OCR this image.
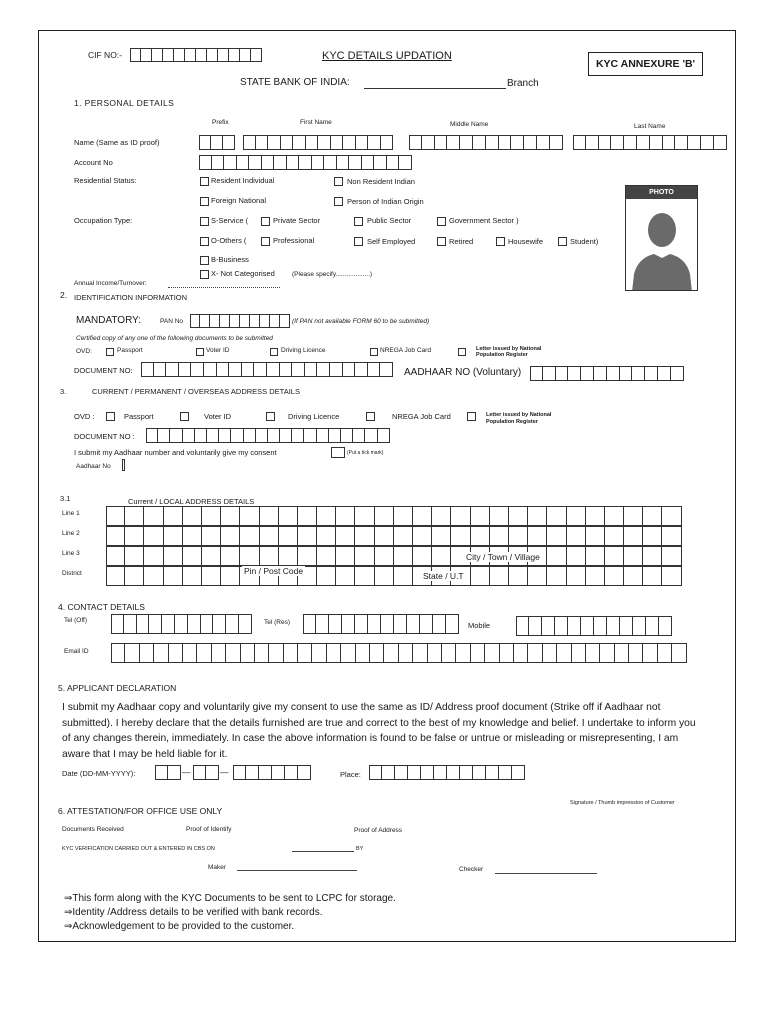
CIF NO:-	KYC DETAILS UPDATION
KYC ANNEXURE 'B'
STATE BANK OF INDIA:	Branch
1. PERSONAL DETAILS
Prefix	First Name	Middle Name	Last Name
Name (Same as ID proof)
Account No
Residential Status:	Resident Individual	Non Resident Indian
Foreign National	Person of Indian Origin
Occupation Type:	S-Service (	Private Sector	Public Sector	Government Sector )
O-Others (	Professional	Self Employed	Retired	Housewife	Student)
B-Business
X- Not Categorised	(Please specify...................)
Annual Income/Turnover:
PHOTO
2. IDENTIFICATION INFORMATION
MANDATORY:	PAN No	(If PAN not available FORM 60 to be submitted)
Certified copy of any one of the following documents to be submitted
OVD:	Passport	Voter ID	Driving Licence	NREGA Job Card	Letter issued by National
Population Register
DOCUMENT NO:	AADHAAR NO (Voluntary)
3.	CURRENT / PERMANENT / OVERSEAS ADDRESS DETAILS
OVD :	Passport	Voter ID	Driving Licence	NREGA Job Card	Letter issued by National
Population Register
DOCUMENT NO :
I submit my Aadhaar number and voluntarily give my consent	(Put a tick mark)
Aadhaar No
3.1	Current / LOCAL ADDRESS DETAILS
Line 1
Line 2
Line 3
District
City / Town / Village
Pin / Post Code	State / U.T
4. CONTACT DETAILS
Tel (Off)	Tel (Res)	Mobile
Email ID
5. APPLICANT DECLARATION
I submit my Aadhaar copy and voluntarily give my consent to use the same as ID/ Address proof document (Strike off if Aadhaar not submitted). I hereby declare that the details furnished are true and correct to the best of my knowledge and belief. I undertake to inform you of any changes therein, immediately. In case the above information is found to be false or untrue or misleading or misrepresenting, I am aware that I may be held liable for it.
Date (DD-MM-YYYY):	—	—	Place:
Signature / Thumb impression of Customer
6. ATTESTATION/FOR OFFICE USE ONLY
Documents Received	Proof of Identify	Proof of Address
KYC VERIFICATION CARRIED OUT & ENTERED IN CBS ON	BY
Maker	Checker
⇒This form along with the KYC Documents to be sent to LCPC for storage.
⇒Identity /Address details to be verified with bank records.
⇒Acknowledgement to be provided to the customer.
